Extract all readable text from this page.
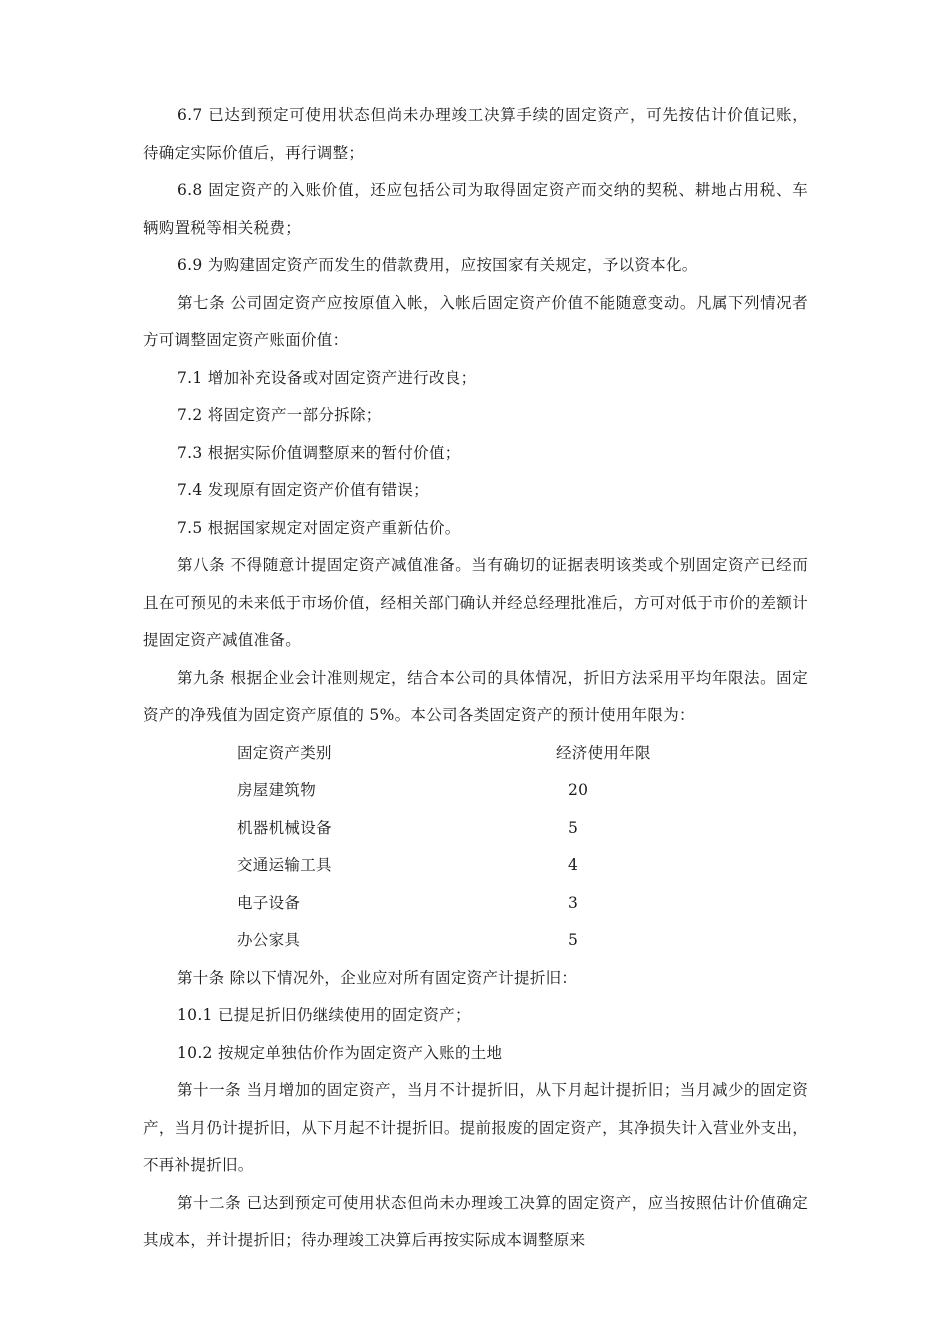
6.7 已达到预定可使用状态但尚未办理竣工决算手续的固定资产，可先按估计价值记账，待确定实际价值后，再行调整；

6.8 固定资产的入账价值，还应包括公司为取得固定资产而交纳的契税、耕地占用税、车辆购置税等相关税费；

6.9 为购建固定资产而发生的借款费用，应按国家有关规定，予以资本化。

第七条 公司固定资产应按原值入帐，入帐后固定资产价值不能随意变动。凡属下列情况者方可调整固定资产账面价值：

7.1 增加补充设备或对固定资产进行改良；

7.2 将固定资产一部分拆除；

7.3 根据实际价值调整原来的暂付价值；

7.4 发现原有固定资产价值有错误；

7.5 根据国家规定对固定资产重新估价。

第八条 不得随意计提固定资产减值准备。当有确切的证据表明该类或个别固定资产已经而且在可预见的未来低于市场价值，经相关部门确认并经总经理批准后，方可对低于市价的差额计提固定资产减值准备。

第九条 根据企业会计准则规定，结合本公司的具体情况，折旧方法采用平均年限法。固定资产的净残值为固定资产原值的 5%。本公司各类固定资产的预计使用年限为：

固定资产类别	经济使用年限
房屋建筑物	20
机器机械设备	5
交通运输工具	4
电子设备	3
办公家具	5

第十条 除以下情况外，企业应对所有固定资产计提折旧：

10.1 已提足折旧仍继续使用的固定资产；

10.2 按规定单独估价作为固定资产入账的土地

第十一条 当月增加的固定资产，当月不计提折旧，从下月起计提折旧；当月减少的固定资产，当月仍计提折旧，从下月起不计提折旧。提前报废的固定资产，其净损失计入营业外支出，不再补提折旧。

第十二条 已达到预定可使用状态但尚未办理竣工决算的固定资产，应当按照估计价值确定其成本，并计提折旧；待办理竣工决算后再按实际成本调整原来
